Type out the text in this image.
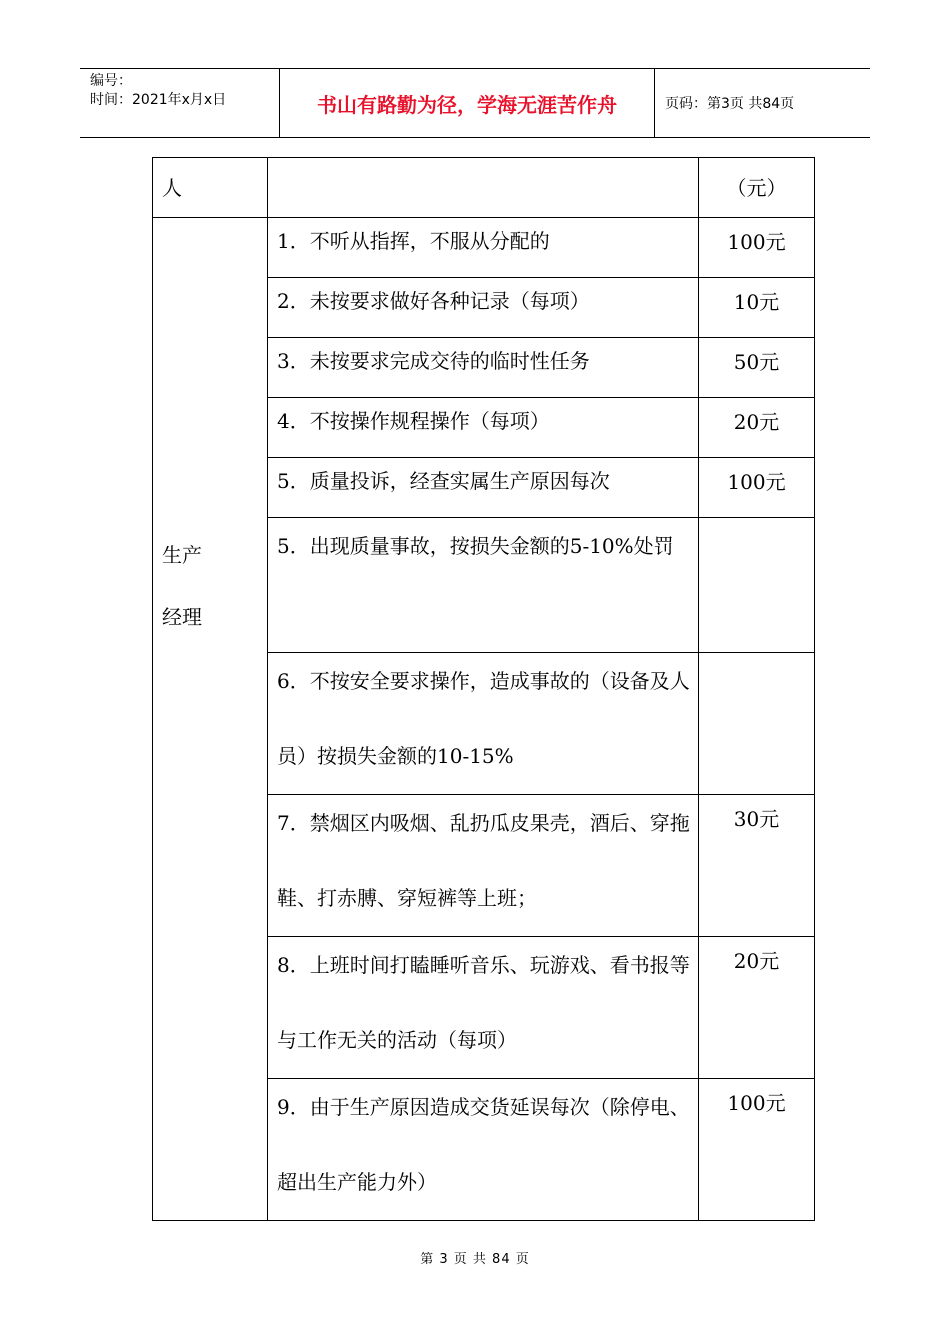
编号：
时间：2021年x月x日	书山有路勤为径，学海无涯苦作舟	页码：第3页 共84页
人		（元）

生产
经理	1．不听从指挥，不服从分配的	100元

	2．未按要求做好各种记录（每项）	10元

	3．未按要求完成交待的临时性任务	50元

	4．不按操作规程操作（每项）	20元

	5．质量投诉，经查实属生产原因每次	100元

	5．出现质量事故，按损失金额的5-10%处罚	

	6．不按安全要求操作，造成事故的（设备及人员）按损失金额的10-15%	

	7．禁烟区内吸烟、乱扔瓜皮果壳，酒后、穿拖鞋、打赤膊、穿短裤等上班；	30元

	8．上班时间打瞌睡听音乐、玩游戏、看书报等与工作无关的活动（每项）	20元

	9．由于生产原因造成交货延误每次（除停电、超出生产能力外）	100元
第 3 页 共 84 页
